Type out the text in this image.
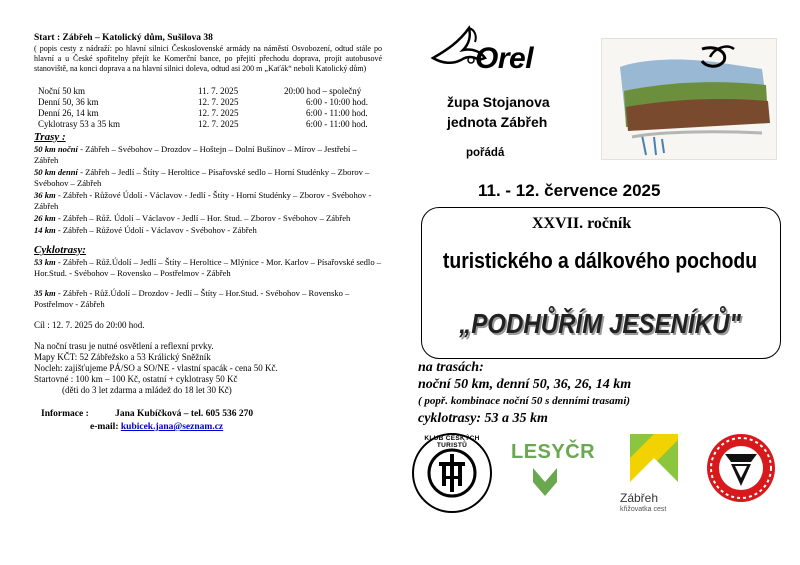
Start : Zábřeh – Katolický dům, Sušilova 38
( popis cesty z nádraží: po hlavní silnici Československé armády na náměstí Osvobození, odtud stále po hlavní a u České spořitelny přejít ke Komerční bance, po přejití přechodu doprava, projít autobusové stanoviště, na konci doprava a na hlavní silnici doleva, odtud asi 200 m „Kaťák“ neboli Katolický dům)
Noční 50 km	11. 7. 2025	20:00 hod – společný
Denní 50, 36 km	12. 7. 2025	6:00 - 10:00 hod.
Denní 26, 14 km	12. 7. 2025	6:00 - 11:00 hod.
Cyklotrasy 53 a 35 km	12. 7. 2025	6:00 - 11:00 hod.
Trasy :
50 km noční - Zábřeh – Svébohov – Drozdov – Hoštejn – Dolní Bušínov – Mírov – Jestřebí – Zábřeh
50 km denní - Zábřeh – Jedlí – Štíty – Heroltice – Písařovské sedlo – Horní Studénky – Zborov – Svébohov – Zábřeh
36 km - Zábřeh - Růžové Údolí - Václavov - Jedlí - Štíty - Horní Studénky – Zborov - Svébohov - Zábřeh
26 km - Zábřeh – Růž. Údolí – Václavov - Jedlí – Hor. Stud. – Zborov - Svébohov – Zábřeh
14 km - Zábřeh – Růžové Údolí - Václavov - Svébohov - Zábřeh
Cyklotrasy:
53 km - Zábřeh – Růž.Údolí – Jedlí – Štíty – Heroltice – Mlýnice - Mor. Karlov – Písařovské sedlo – Hor.Stud. - Svébohov – Rovensko – Postřelmov - Zábřeh
35 km - Zábřeh - Růž.Údolí – Drozdov - Jedlí – Štíty – Hor.Stud. - Svébohov – Rovensko – Postřelmov - Zábřeh
Cíl : 12. 7. 2025 do 20:00 hod.
Na noční trasu je nutné osvětlení a reflexní prvky.
Mapy KČT: 52 Zábřežsko a 53 Králický Sněžník
Nocleh: zajišťujeme PÁ/SO a SO/NE - vlastní spacák - cena 50 Kč.
Startovné : 100 km – 100 Kč, ostatní + cyklotrasy 50 Kč
(děti do 3 let zdarma a mládež do 18 let 30 Kč)
Informace :	Jana Kubíčková – tel. 605 536 270
e-mail: kubicek.jana@seznam.cz
Orel
župa Stojanova
jednota Zábřeh
pořádá
11. - 12. července 2025
XXVII. ročník
turistického a dálkového pochodu
„PODHŮŘÍM JESENÍKŮ"
na trasách:
noční 50 km, denní 50, 36, 26, 14 km
( popř. kombinace noční 50 s denními trasami)
cyklotrasy: 53 a 35 km
KLUB ČESKÝCH TURISTŮ	LESYČR
Zábřeh
křižovatka cest
